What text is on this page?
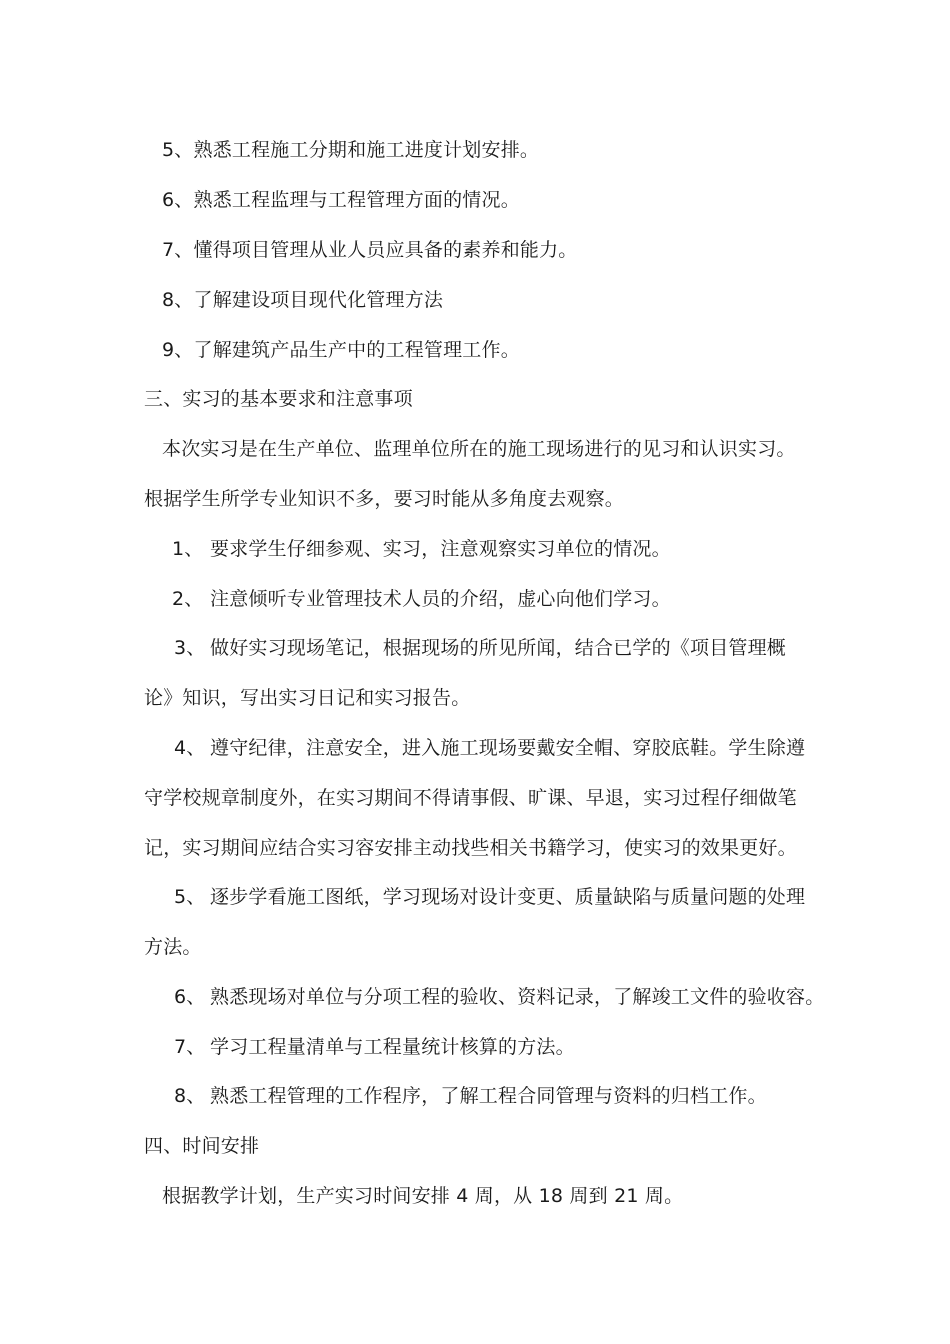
5、熟悉工程施工分期和施工进度计划安排。
6、熟悉工程监理与工程管理方面的情况。
7、懂得项目管理从业人员应具备的素养和能力。
8、了解建设项目现代化管理方法
9、了解建筑产品生产中的工程管理工作。
三、实习的基本要求和注意事项
本次实习是在生产单位、监理单位所在的施工现场进行的见习和认识实习。
根据学生所学专业知识不多，要习时能从多角度去观察。
1、 要求学生仔细参观、实习，注意观察实习单位的情况。
2、 注意倾听专业管理技术人员的介绍，虚心向他们学习。
3、 做好实习现场笔记，根据现场的所见所闻，结合已学的《项目管理概
论》知识，写出实习日记和实习报告。
4、 遵守纪律，注意安全，进入施工现场要戴安全帽、穿胶底鞋。学生除遵
守学校规章制度外，在实习期间不得请事假、旷课、早退，实习过程仔细做笔
记，实习期间应结合实习容安排主动找些相关书籍学习，使实习的效果更好。
5、 逐步学看施工图纸，学习现场对设计变更、质量缺陷与质量问题的处理
方法。
6、 熟悉现场对单位与分项工程的验收、资料记录，了解竣工文件的验收容。
7、 学习工程量清单与工程量统计核算的方法。
8、 熟悉工程管理的工作程序，了解工程合同管理与资料的归档工作。
四、时间安排
根据教学计划，生产实习时间安排 4 周，从 18 周到 21 周。
